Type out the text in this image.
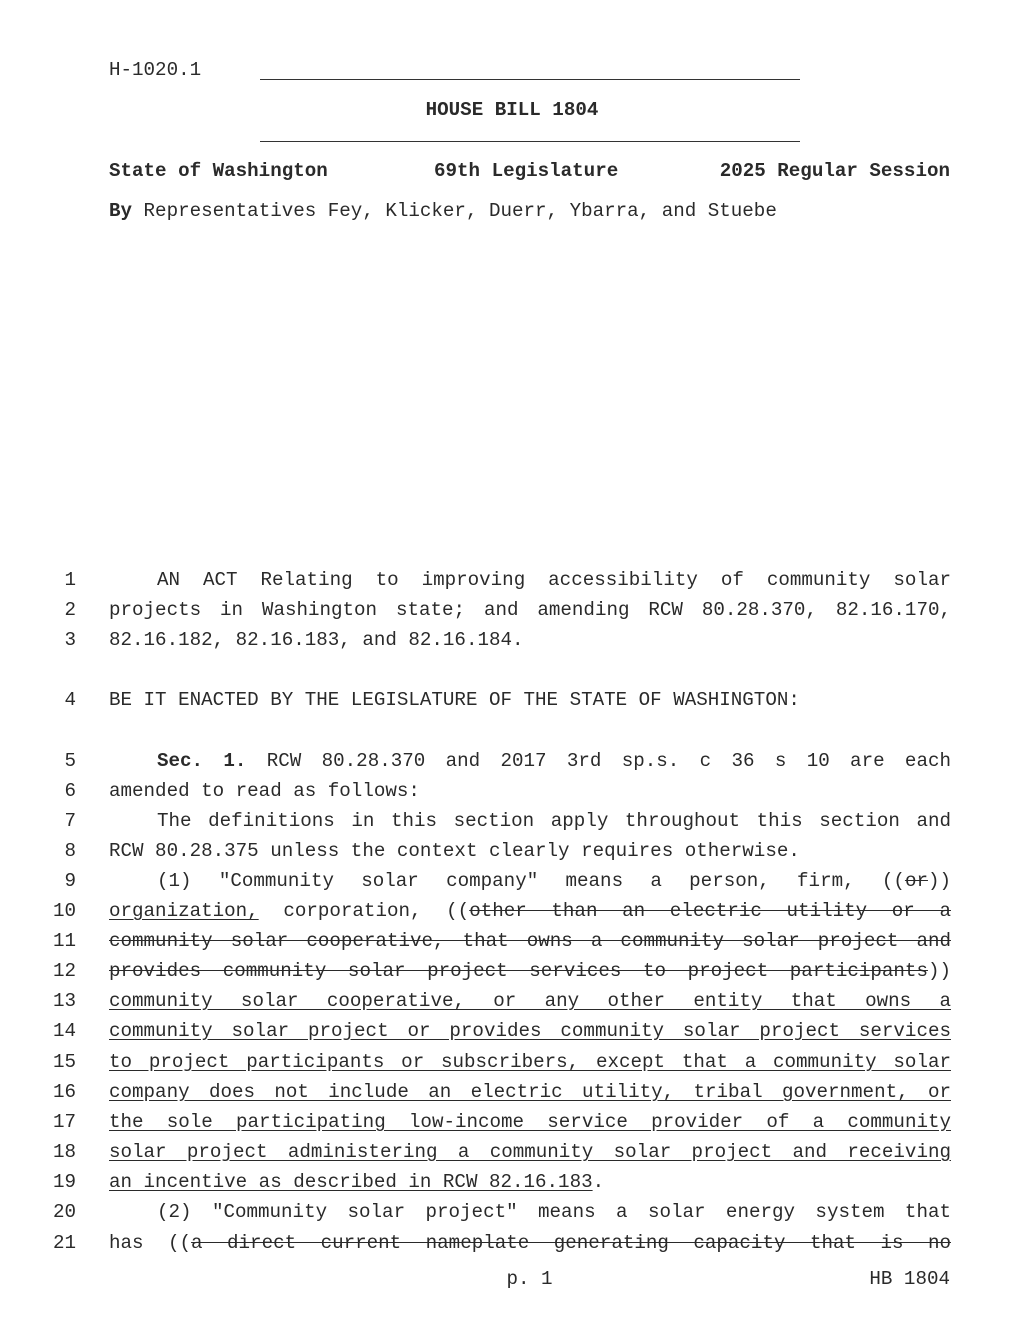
H-1020.1
HOUSE BILL 1804
State of Washington	69th Legislature	2025 Regular Session
By Representatives Fey, Klicker, Duerr, Ybarra, and Stuebe
1
2
3
4
5
6
7
8
9
10
11
12
13
14
15
16
17
18
19
20
21
AN ACT Relating to improving accessibility of community solar
projects in Washington state; and amending RCW 80.28.370, 82.16.170,
82.16.182, 82.16.183, and 82.16.184.
BE IT ENACTED BY THE LEGISLATURE OF THE STATE OF WASHINGTON:
Sec. 1. RCW 80.28.370 and 2017 3rd sp.s. c 36 s 10 are each
amended to read as follows:
The definitions in this section apply throughout this section and
RCW 80.28.375 unless the context clearly requires otherwise.
(1) "Community solar company" means a person, firm, ((or))
organization, corporation, ((other than an electric utility or a
community solar cooperative, that owns a community solar project and
provides community solar project services to project participants))
community solar cooperative, or any other entity that owns a
community solar project or provides community solar project services
to project participants or subscribers, except that a community solar
company does not include an electric utility, tribal government, or
the sole participating low-income service provider of a community
solar project administering a community solar project and receiving
an incentive as described in RCW 82.16.183.
(2) "Community solar project" means a solar energy system that
has ((a direct current nameplate generating capacity that is no
p. 1	HB 1804
